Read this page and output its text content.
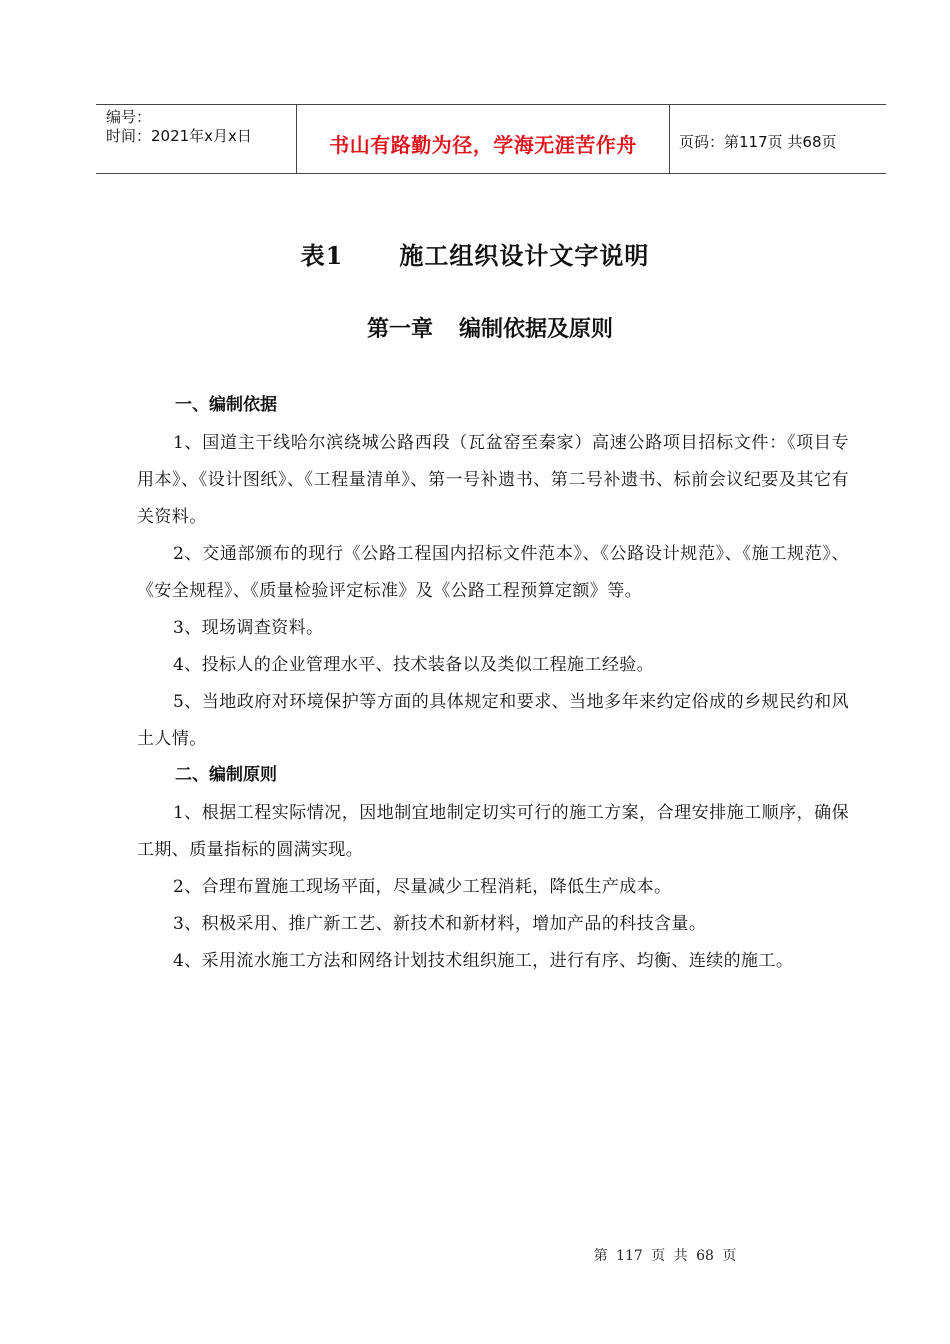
编号：
时间：2021年x月x日	书山有路勤为径，学海无涯苦作舟	页码：第117页 共68页
表1 施工组织设计文字说明
第一章 编制依据及原则
一、编制依据

1、国道主干线哈尔滨绕城公路西段（瓦盆窑至秦家）高速公路项目招标文件：《项目专用本》、《设计图纸》、《工程量清单》、第一号补遗书、第二号补遗书、标前会议纪要及其它有关资料。

2、交通部颁布的现行《公路工程国内招标文件范本》、《公路设计规范》、《施工规范》、《安全规程》、《质量检验评定标准》及《公路工程预算定额》等。

3、现场调查资料。

4、投标人的企业管理水平、技术装备以及类似工程施工经验。

5、当地政府对环境保护等方面的具体规定和要求、当地多年来约定俗成的乡规民约和风土人情。

二、编制原则

1、根据工程实际情况，因地制宜地制定切实可行的施工方案，合理安排施工顺序，确保工期、质量指标的圆满实现。

2、合理布置施工现场平面，尽量减少工程消耗，降低生产成本。

3、积极采用、推广新工艺、新技术和新材料，增加产品的科技含量。

4、采用流水施工方法和网络计划技术组织施工，进行有序、均衡、连续的施工。

第 117 页 共 68 页
